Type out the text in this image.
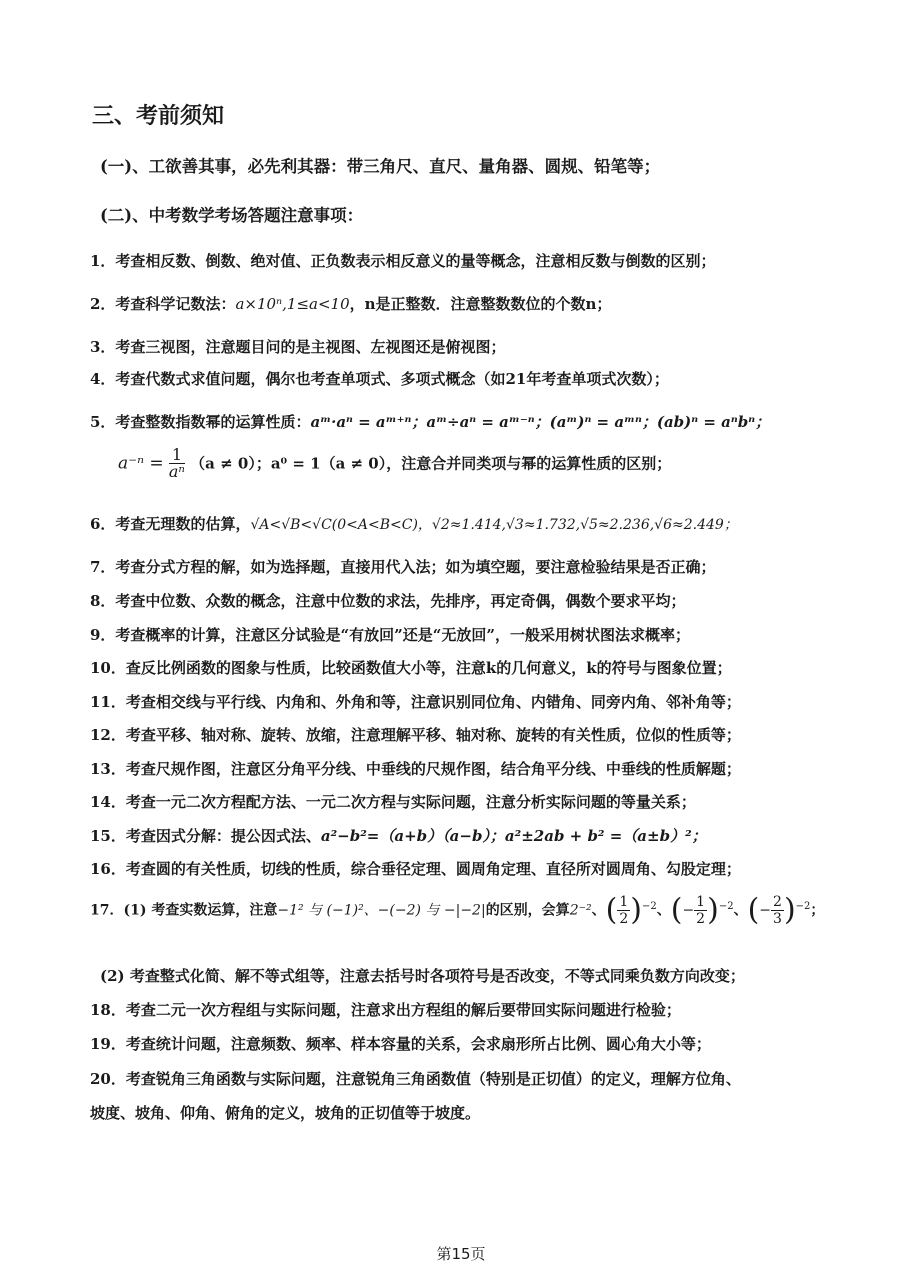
三、考前须知
(一)、工欲善其事，必先利其器：带三角尺、直尺、量角器、圆规、铅笔等；
(二)、中考数学考场答题注意事项：
1．考查相反数、倒数、绝对值、正负数表示相反意义的量等概念，注意相反数与倒数的区别；
2．考查科学记数法：a×10ⁿ,1≤a<10，n是正整数．注意整数数位的个数n；
3．考查三视图，注意题目问的是主视图、左视图还是俯视图；
4．考查代数式求值问题，偶尔也考查单项式、多项式概念（如21年考查单项式次数）；
5．考查整数指数幂的运算性质：aᵐ·aⁿ = aᵐ⁺ⁿ；aᵐ÷aⁿ = aᵐ⁻ⁿ；(aᵐ)ⁿ = aᵐⁿ；(ab)ⁿ = aⁿbⁿ；
$a^{-n} = \frac{1}{\text{aⁿ}} (a \ne 0)$；a⁰ = 1（a ≠ 0），注意合并同类项与幂的运算性质的区别；
6．考查无理数的估算，√A<√B<√C(0<A<B<C)，√2≈1.414,√3≈1.732,√5≈2.236,√6≈2.449；
7．考查分式方程的解，如为选择题，直接用代入法；如为填空题，要注意检验结果是否正确；
8．考查中位数、众数的概念，注意中位数的求法，先排序，再定奇偶，偶数个要求平均；
9．考查概率的计算，注意区分试验是“有放回”还是“无放回”，一般采用树状图法求概率；
10．查反比例函数的图象与性质，比较函数值大小等，注意k的几何意义，k的符号与图象位置；
11．考查相交线与平行线、内角和、外角和等，注意识别同位角、内错角、同旁内角、邻补角等；
12．考查平移、轴对称、旋转、放缩，注意理解平移、轴对称、旋转的有关性质，位似的性质等；
13．考查尺规作图，注意区分角平分线、中垂线的尺规作图，结合角平分线、中垂线的性质解题；
14．考查一元二次方程配方法、一元二次方程与实际问题，注意分析实际问题的等量关系；
15．考查因式分解：提公因式法、a²−b²=（a+b）（a−b）；a²±2ab + b² =（a±b）²；
16．考查圆的有关性质，切线的性质，综合垂径定理、圆周角定理、直径所对圆周角、勾股定理；
17．(1) 考查实数运算，注意−1² 与 (−1)²、−(−2) 与 −|−2|的区别，会算2⁻²、( $\frac{1}{2} )^{-2}$、(− $\frac{1}{2} )^{-2}$、(− $\frac{2}{3} )^{-2}$；
(2) 考查整式化简、解不等式组等，注意去括号时各项符号是否改变，不等式同乘负数方向改变；
18．考查二元一次方程组与实际问题，注意求出方程组的解后要带回实际问题进行检验；
19．考查统计问题，注意频数、频率、样本容量的关系，会求扇形所占比例、圆心角大小等；
20．考查锐角三角函数与实际问题，注意锐角三角函数值（特别是正切值）的定义，理解方位角、
坡度、坡角、仰角、俯角的定义，坡角的正切值等于坡度。
第15页
